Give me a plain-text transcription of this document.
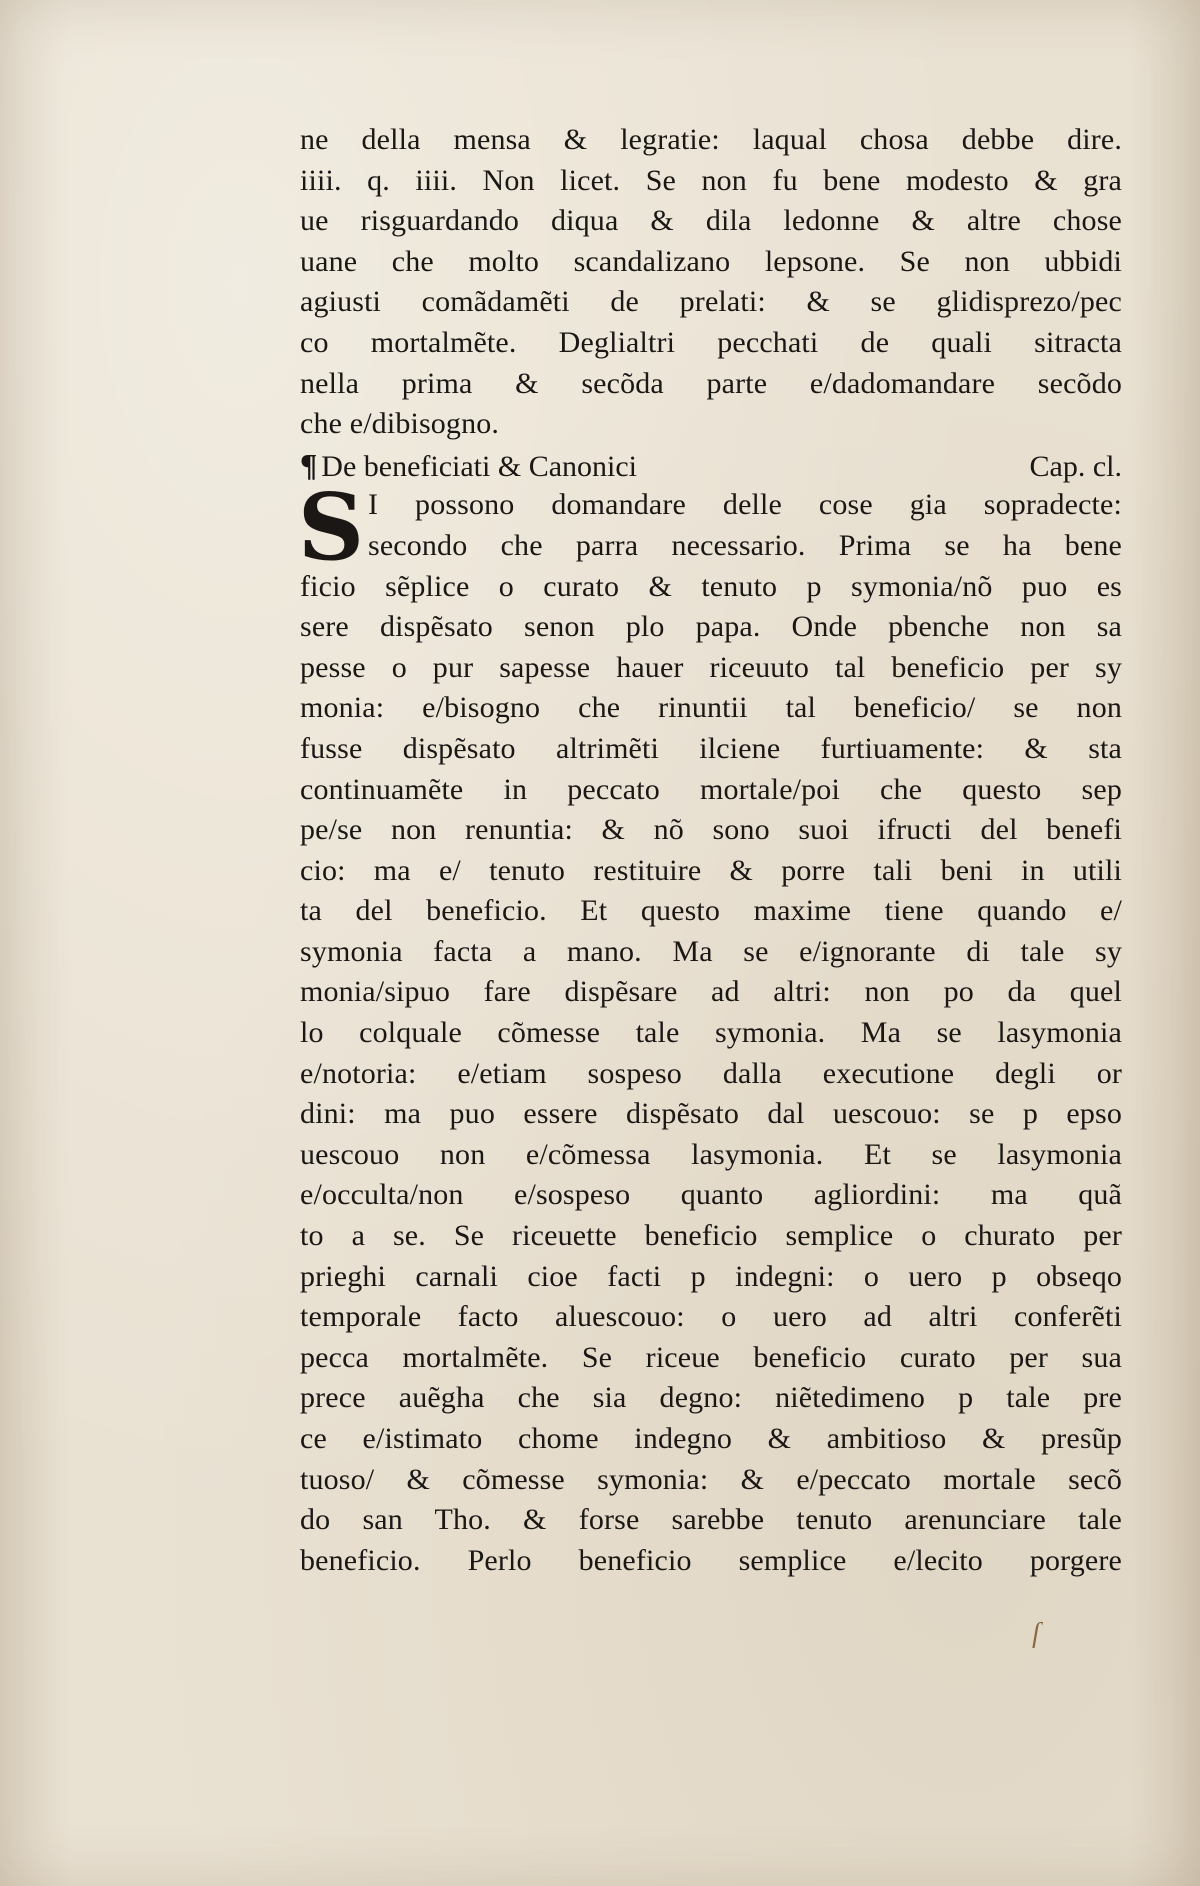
ne della mensa & legratie: laqual chosa debbe dire.
iiii. q. iiii. Non licet. Se non fu bene modesto & gra
ue risguardando diqua & dila ledonne & altre chose
uane che molto scandalizano lepsone. Se non ubbidi
agiusti comãdamẽti de prelati: & se glidisprezo/pec
co mortalmẽte. Deglialtri pecchati de quali sitracta
nella prima & secõda parte e/dadomandare secõdo
che e/dibisogno.
¶ De beneficiati & Canonici	Cap. cl.
S I possono domandare delle cose gia sopradecte:
secondo che parra necessario. Prima se ha bene
ficio sẽplice o curato & tenuto p symonia/nõ puo es
sere dispẽsato senon plo papa. Onde pbenche non sa
pesse o pur sapesse hauer riceuuto tal beneficio per sy
monia: e/bisogno che rinuntii tal beneficio/ se non
fusse dispẽsato altrimẽti ilciene furtiuamente: & sta
continuamẽte in peccato mortale/poi che questo sep
pe/se non renuntia: & nõ sono suoi ifructi del benefi
cio: ma e/ tenuto restituire & porre tali beni in utili
ta del beneficio. Et questo maxime tiene quando e/
symonia facta a mano. Ma se e/ignorante di tale sy
monia/sipuo fare dispẽsare ad altri: non po da quel
lo colquale cõmesse tale symonia. Ma se lasymonia
e/notoria: e/etiam sospeso dalla executione degli or
dini: ma puo essere dispẽsato dal uescouo: se p epso
uescouo non e/cõmessa lasymonia. Et se lasymonia
e/occulta/non e/sospeso quanto agliordini: ma quã
to a se. Se riceuette beneficio semplice o churato per
prieghi carnali cioe facti p indegni: o uero p obseqo
temporale facto aluescouo: o uero ad altri conferẽti
pecca mortalmẽte. Se riceue beneficio curato per sua
prece auẽgha che sia degno: niẽtedimeno p tale pre
ce e/istimato chome indegno & ambitioso & presũp
tuoso/ & cõmesse symonia: & e/peccato mortale secõ
do san Tho. & forse sarebbe tenuto arenunciare tale
beneficio. Perlo beneficio semplice e/lecito porgere
ſ
